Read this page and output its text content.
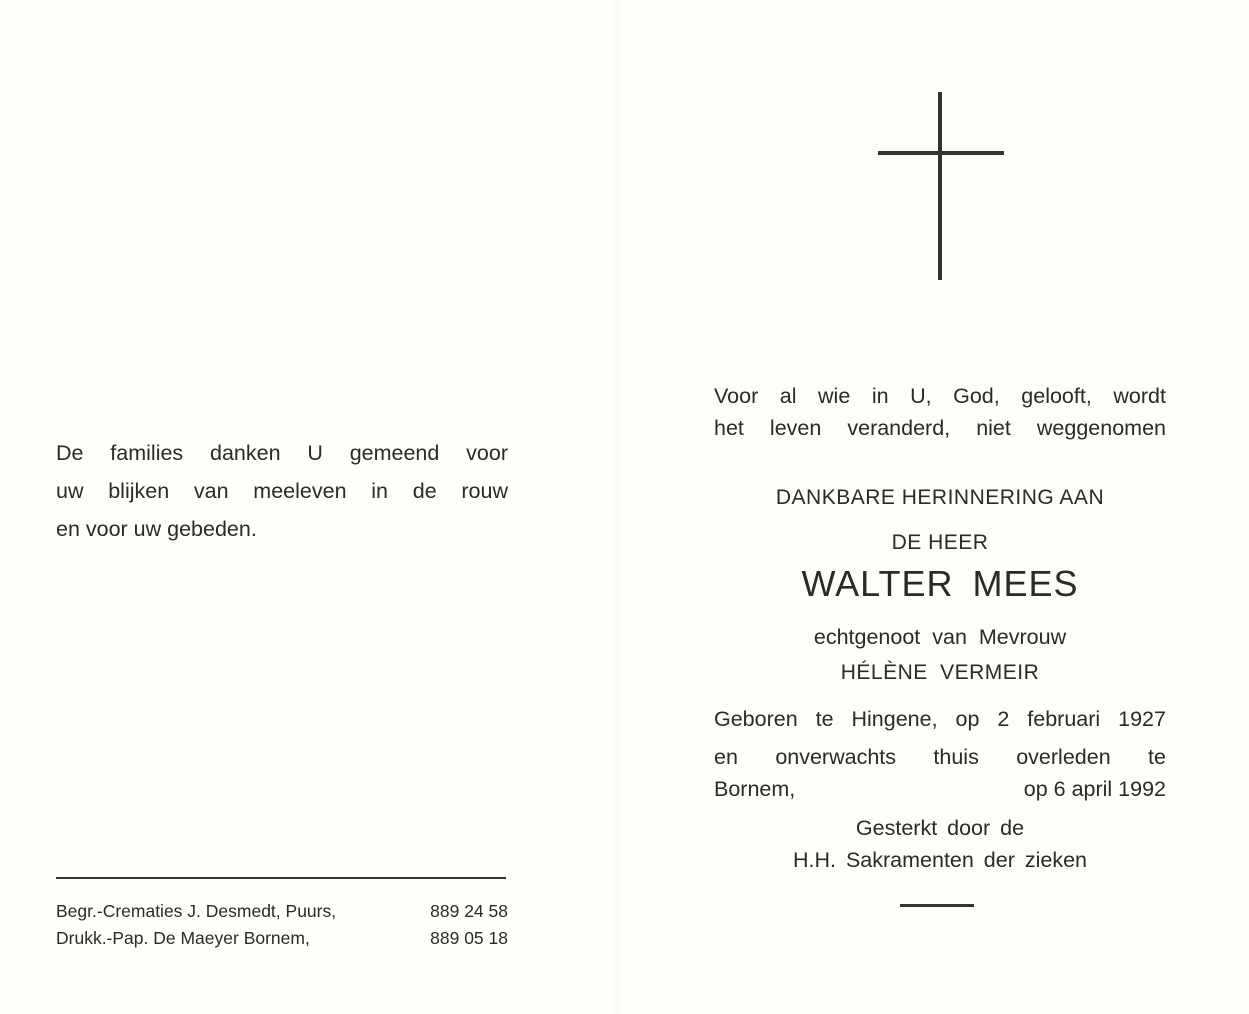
De families danken U gemeend voor
uw blijken van meeleven in de rouw
en voor uw gebeden.
Begr.-Crematies J. Desmedt, Puurs,	889 24 58
Drukk.-Pap. De Maeyer Bornem,	889 05 18
Voor al wie in U, God, gelooft, wordt
het leven veranderd, niet weggenomen
DANKBARE HERINNERING AAN
DE HEER
WALTER MEES
echtgenoot van Mevrouw
HÉLÈNE VERMEIR
Geboren te Hingene, op 2 februari 1927
en onverwachts thuis overleden te
Bornem,	op 6 april 1992
Gesterkt door de
H.H. Sakramenten der zieken
